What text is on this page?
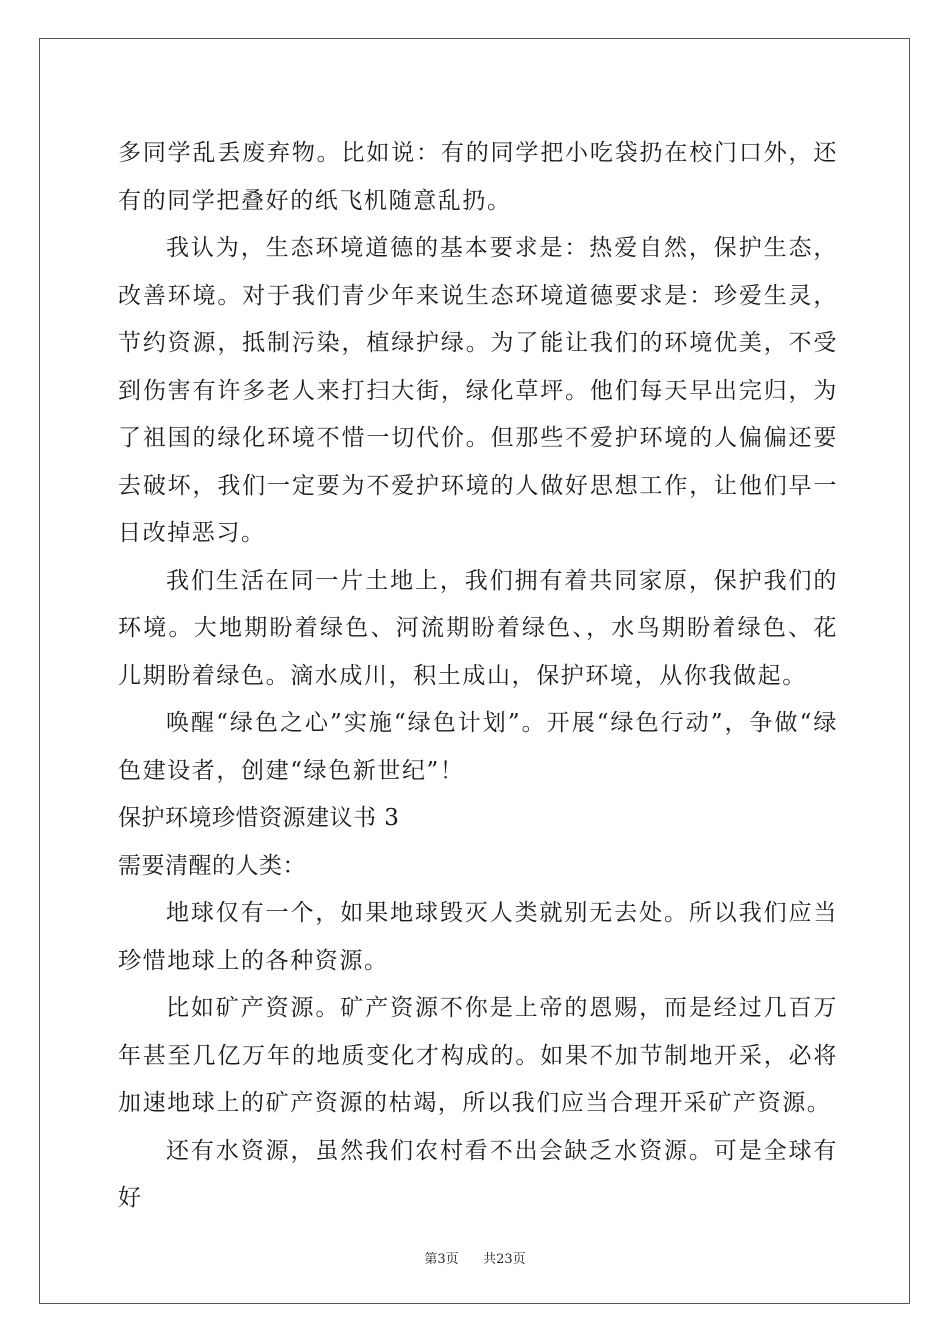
多同学乱丢废弃物。比如说：有的同学把小吃袋扔在校门口外，还有的同学把叠好的纸飞机随意乱扔。

我认为，生态环境道德的基本要求是：热爱自然，保护生态，改善环境。对于我们青少年来说生态环境道德要求是：珍爱生灵，节约资源，抵制污染，植绿护绿。为了能让我们的环境优美，不受到伤害有许多老人来打扫大街，绿化草坪。他们每天早出完归，为了祖国的绿化环境不惜一切代价。但那些不爱护环境的人偏偏还要去破坏，我们一定要为不爱护环境的人做好思想工作，让他们早一日改掉恶习。

我们生活在同一片土地上，我们拥有着共同家原，保护我们的环境。大地期盼着绿色、河流期盼着绿色、，水鸟期盼着绿色、花儿期盼着绿色。滴水成川，积土成山，保护环境，从你我做起。

唤醒“绿色之心”实施“绿色计划”。开展“绿色行动”，争做“绿色建设者，创建“绿色新世纪”！

保护环境珍惜资源建议书 3

需要清醒的人类：

地球仅有一个，如果地球毁灭人类就别无去处。所以我们应当珍惜地球上的各种资源。

比如矿产资源。矿产资源不你是上帝的恩赐，而是经过几百万年甚至几亿万年的地质变化才构成的。如果不加节制地开采，必将加速地球上的矿产资源的枯竭，所以我们应当合理开采矿产资源。

还有水资源，虽然我们农村看不出会缺乏水资源。可是全球有好

第3页 共23页
